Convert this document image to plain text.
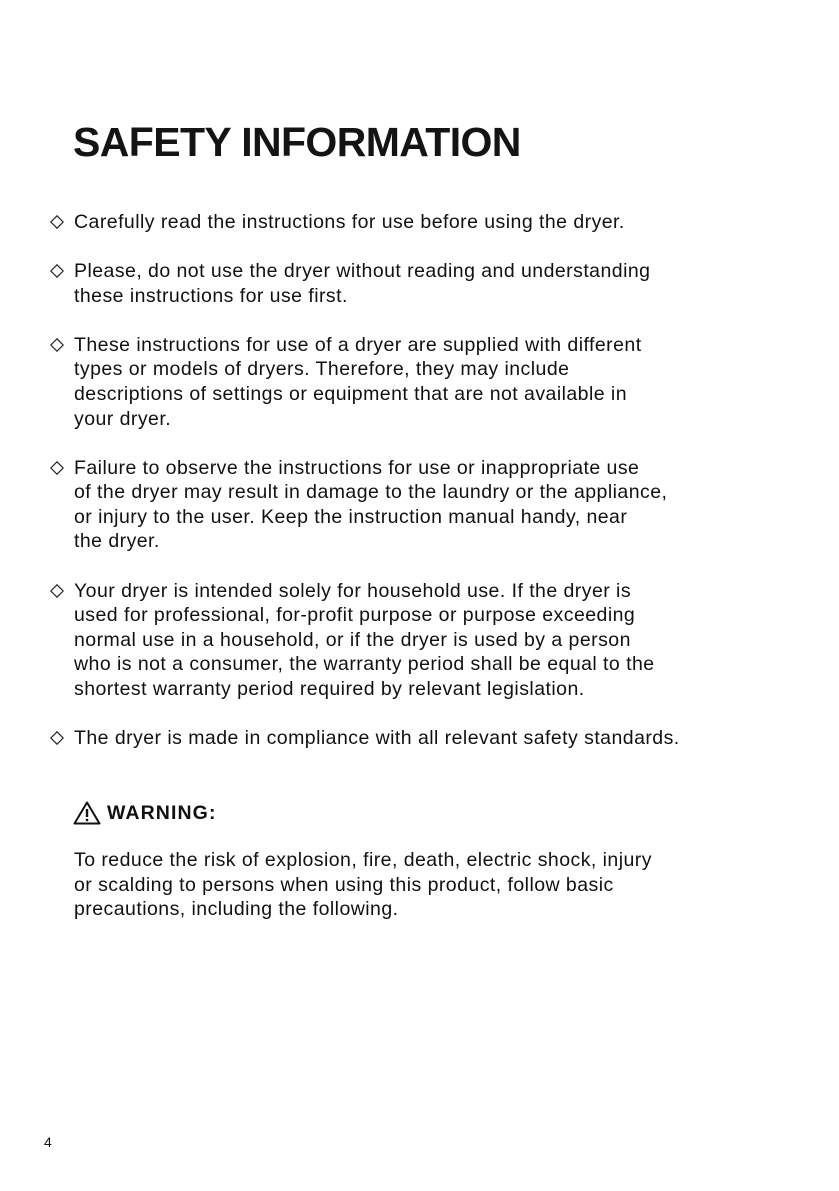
SAFETY INFORMATION
Carefully read the instructions for use before using the dryer.
Please, do not use the dryer without reading and understanding
these instructions for use first.
These instructions for use of a dryer are supplied with different
types or models of dryers. Therefore, they may include
descriptions of settings or equipment that are not available in
your dryer.
Failure to observe the instructions for use or inappropriate use
of the dryer may result in damage to the laundry or the appliance,
or injury to the user. Keep the instruction manual handy, near
the dryer.
Your dryer is intended solely for household use. If the dryer is
used for professional, for-profit purpose or purpose exceeding
normal use in a household, or if the dryer is used by a person
who is not a consumer, the warranty period shall be equal to the
shortest warranty period required by relevant legislation.
The dryer is made in compliance with all relevant safety standards.
WARNING:
To reduce the risk of explosion, fire, death, electric shock, injury
or scalding to persons when using this product, follow basic
precautions, including the following.
4
